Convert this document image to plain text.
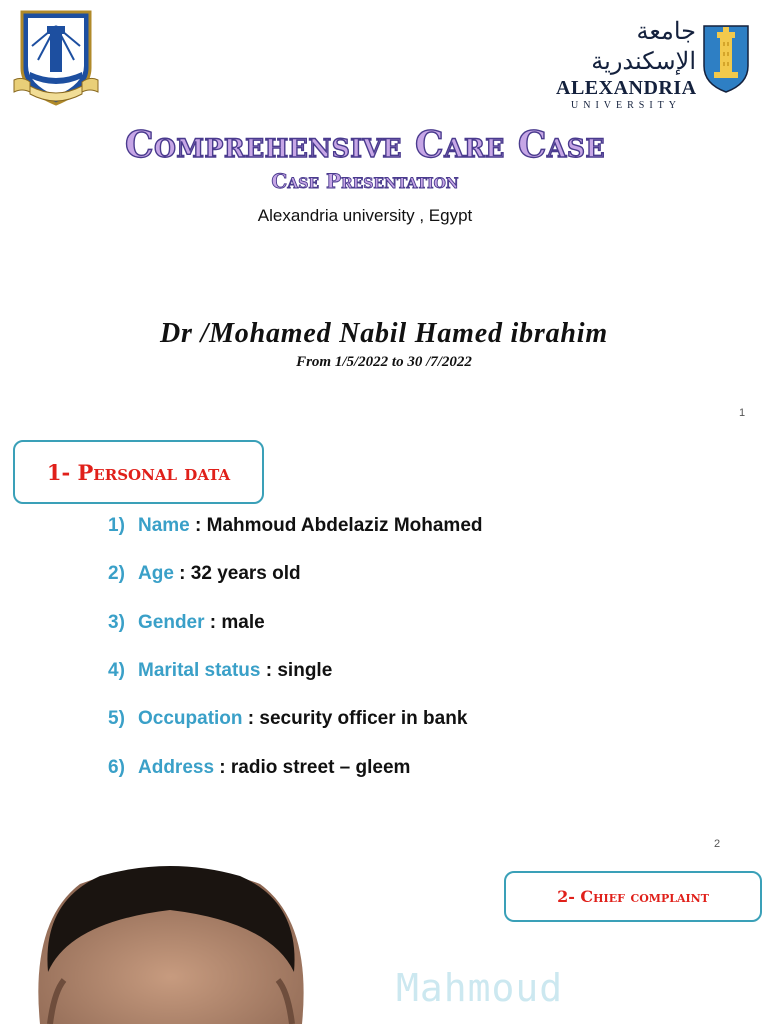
جامعة الإسكندرية
ALEXANDRIA
UNIVERSITY
Comprehensive Care Case
Case Presentation
Alexandria university , Egypt
Dr /Mohamed Nabil Hamed ibrahim
From 1/5/2022 to 30 /7/2022
1
1- Personal data
1) Name : Mahmoud Abdelaziz Mohamed
2) Age : 32 years old
3) Gender : male
4) Marital status : single
5) Occupation : security officer in bank
6) Address : radio street – gleem
2
2- Chief complaint
Mahmoud
